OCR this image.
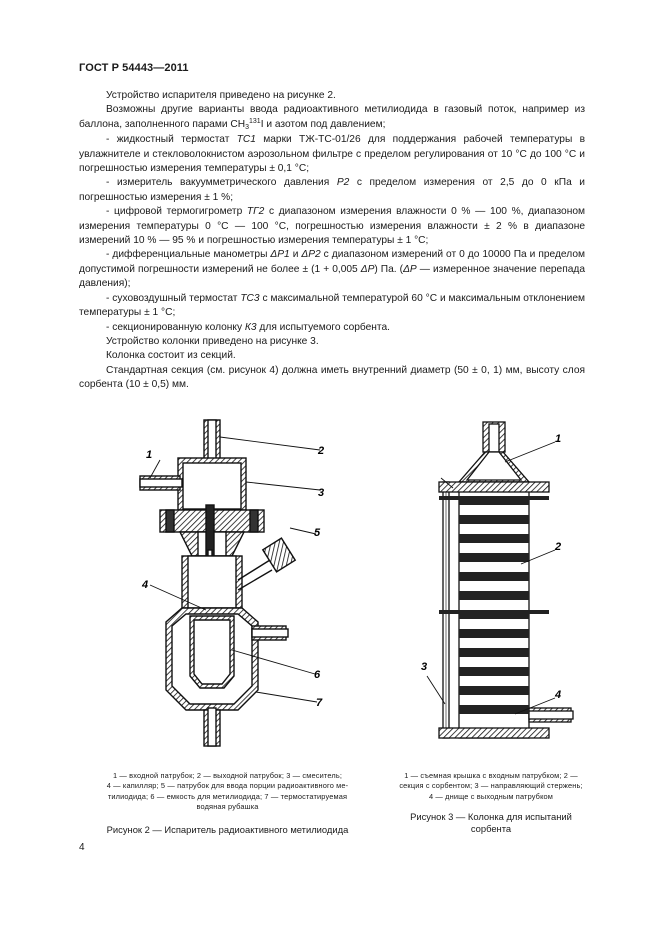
ГОСТ Р 54443—2011

Устройство испарителя приведено на рисунке 2.

Возможны другие варианты ввода радиоактивного метилиодида в газовый поток, например из баллона, заполненного парами $СН_3^{131}I$ и азотом под давлением;

- жидкостный термостат ТС1 марки ТЖ-ТС-01/26 для поддержания рабочей температуры в увлажнителе и стекловолокнистом аэрозольном фильтре с пределом регулирования от 10 °С до 100 °С и погрешностью измерения температуры ± 0,1 °С;

- измеритель вакуумметрического давления Р2 с пределом измерения от 2,5 до 0 кПа и погрешностью измерения ± 1 %;

- цифровой термогигрометр ТГ2 с диапазоном измерения влажности 0 % — 100 %, диапазоном измерения температуры 0 °С — 100 °С, погрешностью измерения влажности ± 2 % в диапазоне измерений 10 % — 95 % и погрешностью измерения температуры ± 1 °С;

- дифференциальные манометры ΔР1 и ΔР2 с диапазоном измерений от 0 до 10000 Па и пределом допустимой погрешности измерений не более ± (1 + 0,005 ΔР) Па. (ΔР — измеренное значение перепада давления);

- суховоздушный термостат ТС3 с максимальной температурой 60 °С и максимальным отклонением температуры ± 1 °С;

- секционированную колонку К3 для испытуемого сорбента.

Устройство колонки приведено на рисунке 3.

Колонка состоит из секций.

Стандартная секция (см. рисунок 4) должна иметь внутренний диаметр (50 ± 0, 1) мм, высоту слоя сорбента (10 ± 0,5) мм.

1	2
3
4
5
6
7
1
2
3
4
1 — входной патрубок; 2 — выходной патрубок; 3 — смеситель;
4 — капилляр; 5 — патрубок для ввода порции радиоактивного ме-
тилиодида; 6 — емкость для метилиодида; 7 — термостатируемая
водяная рубашка
Рисунок 2 — Испаритель радиоактивного метилиодида
1 — съемная крышка с входным патрубком; 2 —
секция с сорбентом; 3 — направляющий стержень;
4 — днище с выходным патрубком
Рисунок 3 — Колонка для испытаний
сорбента
4
